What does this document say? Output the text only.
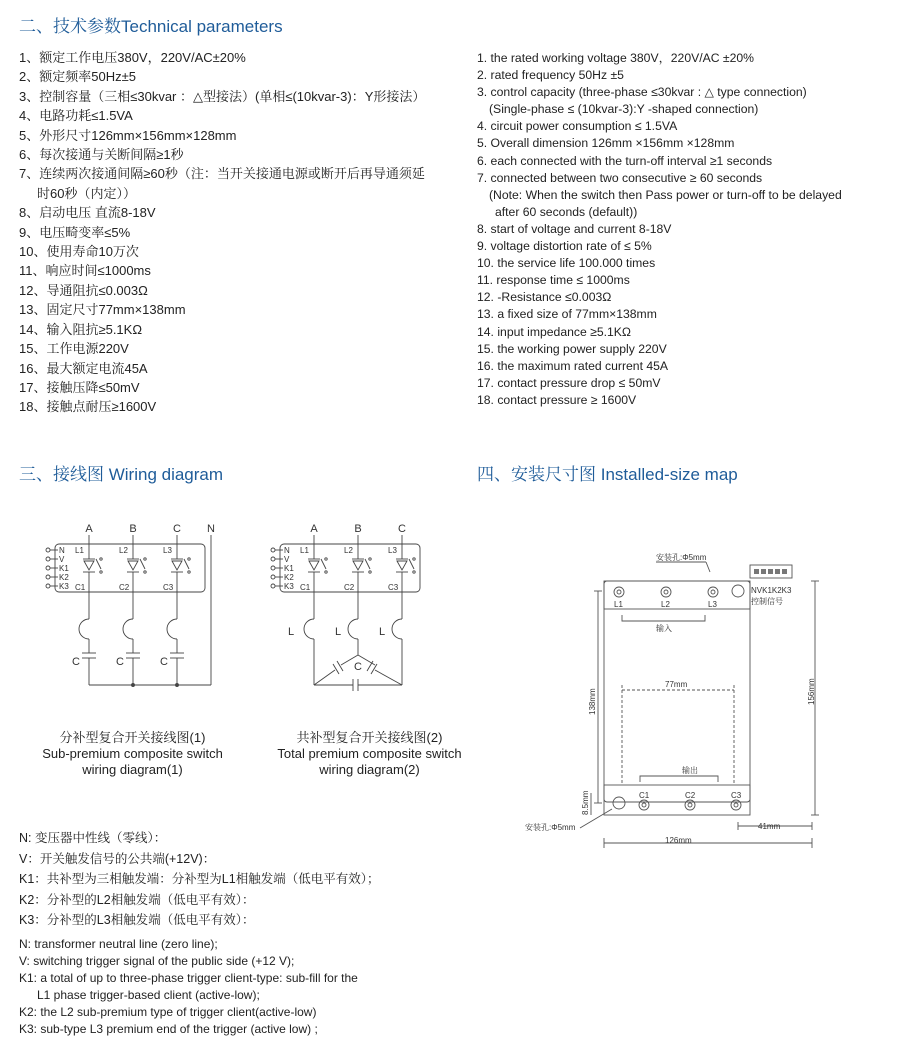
二、技术参数Technical parameters
三、接线图 Wiring diagram	四、安装尺寸图 Installed-size map
1、额定工作电压380V，220V/AC±20%
2、额定频率50Hz±5
3、控制容量（三相≤30kvar ：△型接法）(单相≤(10kvar-3)：Y形接法）
4、电路功耗≤1.5VA
5、外形尺寸126mm×156mm×128mm
6、每次接通与关断间隔≥1秒
7、连续两次接通间隔≥60秒（注：当开关接通电源或断开后再导通须延
时60秒（内定））
8、启动电压 直流8-18V
9、电压畸变率≤5%
10、使用寿命10万次
11、响应时间≤1000ms
12、导通阻抗≤0.003Ω
13、固定尺寸77mm×138mm
14、输入阻抗≥5.1KΩ
15、工作电源220V
16、最大额定电流45A
17、接触压降≤50mV
18、接触点耐压≥1600V
1. the rated working voltage 380V，220V/AC ±20%
2. rated frequency 50Hz ±5
3. control capacity (three-phase ≤30kvar : △ type connection)
(Single-phase ≤ (10kvar-3):Y -shaped connection)
4. circuit power consumption ≤ 1.5VA
5. Overall dimension 126mm ×156mm ×128mm
6. each connected with the turn-off interval ≥1 seconds
7. connected between two consecutive ≥ 60 seconds
(Note: When the switch then Pass power or turn-off to be delayed
after 60 seconds (default))
8. start of voltage and current 8-18V
9. voltage distortion rate of ≤ 5%
10. the service life 100.000 times
11. response time ≤ 1000ms
12. -Resistance ≤0.003Ω
13. a fixed size of 77mm×138mm
14. input impedance ≥5.1KΩ
15. the working power supply 220V
16. the maximum rated current 45A
17. contact pressure drop ≤ 50mV
18. contact pressure ≥ 1600V
A	B	C N
N
V
K1
K2
K3
L1	L2	L3
C1	C2	C3
C	C	C
A	B	C
N
V
K1
K2
K3
L1	L2	L3
C1	C2	C3
L	L	L
C
分补型复合开关接线图(1)
Sub-premium composite switch
wiring diagram(1)
共补型复合开关接线图(2)
Total premium composite switch
wiring diagram(2)
安装孔:Φ5mm
NVK1K2K3
控制信号
L1	L2	L3
输入
77mm
输出
C1	C2	C3
138mm	156mm
8.5mm
安装孔:Φ5mm	41mm
126mm
N: 变压器中性线（零线）：
V：开关触发信号的公共端(+12V)：
K1：共补型为三相触发端：分补型为L1相触发端（低电平有效）；
K2：分补型的L2相触发端（低电平有效）：
K3：分补型的L3相触发端（低电平有效）：
N: transformer neutral line (zero line);
V: switching trigger signal of the public side (+12 V);
K1: a total of up to three-phase trigger client-type: sub-fill for the
L1 phase trigger-based client (active-low);
K2: the L2 sub-premium type of trigger client(active-low)
K3: sub-type L3 premium end of the trigger (active low) ;
